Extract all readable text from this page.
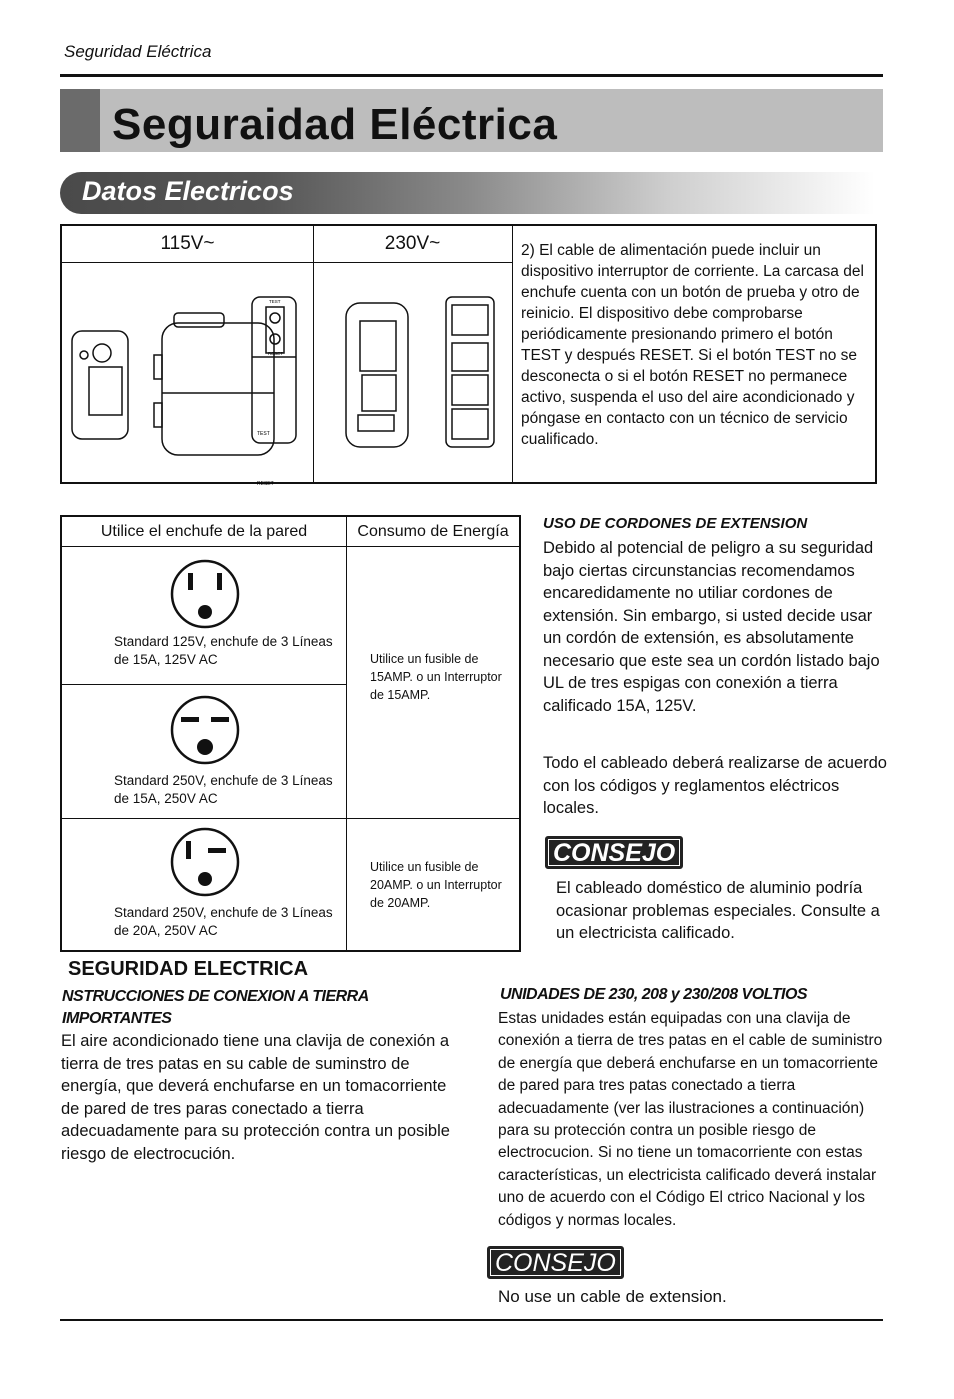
Seguridad Eléctrica
Seguraidad Eléctrica
Datos Electricos
115V~	230V~
TEST
RESET
TEST
RESET
2) El cable de alimentación puede incluir un dispositivo interruptor de corriente. La carcasa del enchufe cuenta con un botón de prueba y otro de reinicio. El dispositivo debe comprobarse periódicamente presionando primero el botón TEST y después RESET. Si el botón TEST no se desconecta o si el botón RESET no permanece activo, suspenda el uso del aire acondicionado y póngase en contacto con un técnico de servicio cualificado.
Utilice el enchufe de la pared	Consumo de Energía
Standard 125V, enchufe de 3 Líneas de 15A, 125V AC
Standard 250V, enchufe de 3 Líneas de 15A, 250V AC
Standard 250V, enchufe de 3 Líneas de 20A, 250V AC
Utilice un fusible de 15AMP. o un Interruptor de 15AMP.
Utilice un fusible de 20AMP. o un Interruptor de 20AMP.
USO DE CORDONES DE EXTENSION
Debido al potencial de peligro a su seguridad bajo ciertas circunstancias recomendamos encaredidamente no utiliar cordones de extensión. Sin embargo, si usted decide usar un cordón de extensión, es absolutamente necesario que este sea un cordón listado bajo UL de tres espigas con conexión a tierra calificado 15A, 125V.
Todo el cableado deberá realizarse de acuerdo con los códigos y reglamentos eléctricos locales.
CONSEJO
El cableado doméstico de aluminio podría ocasionar problemas especiales. Consulte a un electricista calificado.
SEGURIDAD ELECTRICA
NSTRUCCIONES DE CONEXION A TIERRA IMPORTANTES
El aire acondicionado tiene una clavija de conexión a tierra de tres patas en su cable de suminstro de energía, que deverá enchufarse en un tomacorriente de pared de tres paras conectado a tierra adecuadamente para su protección contra un posible riesgo de electrocución.
UNIDADES DE 230, 208 y 230/208 VOLTIOS
Estas unidades están equipadas con una clavija de conexión a tierra de tres patas en el cable de suministro de energía que deberá enchufarse en un tomacorriente de pared para tres patas conectado a tierra adecuadamente (ver las ilustraciones a continuación) para su protección contra un posible riesgo de electrocucion. Si no tiene un tomacorriente con estas características, un electricista calificado deverá instalar uno de acuerdo con el Código El ctrico Nacional y los códigos y normas locales.
CONSEJO
No use un cable de extension.
